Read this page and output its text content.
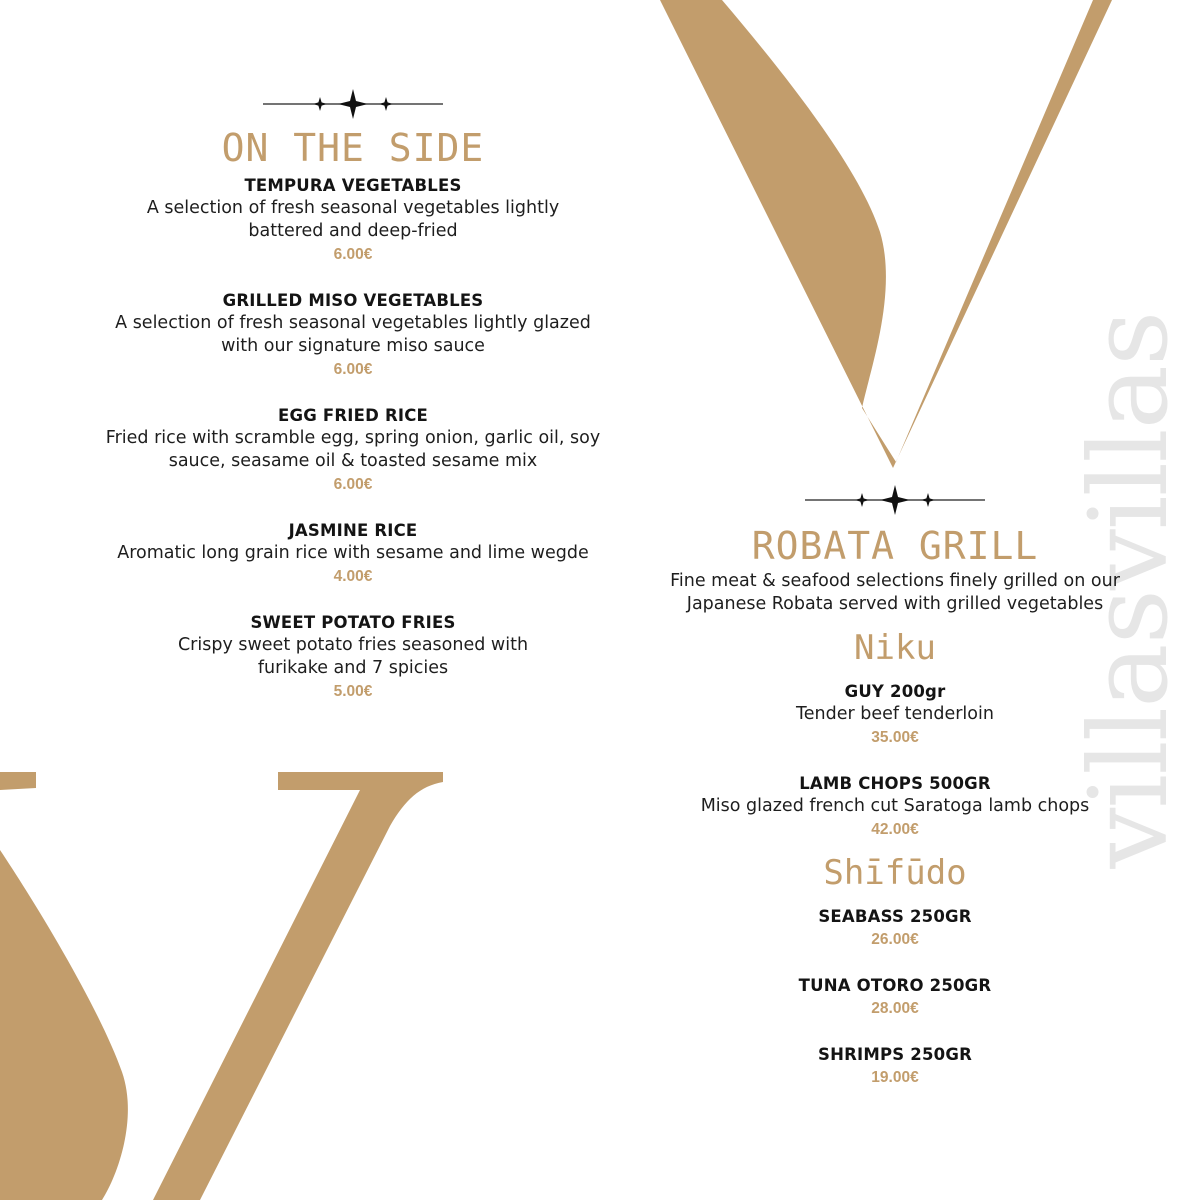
villasvillas
ON THE SIDE
TEMPURA VEGETABLES
A selection of fresh seasonal vegetables lightly battered and deep-fried
6.00€
GRILLED MISO VEGETABLES
A selection of fresh seasonal vegetables lightly glazed with our signature miso sauce
6.00€
EGG FRIED RICE
Fried rice with scramble egg, spring onion, garlic oil, soy sauce, seasame oil & toasted sesame mix
6.00€
JASMINE RICE
Aromatic long grain rice with sesame and lime wegde
4.00€
SWEET POTATO FRIES
Crispy sweet potato fries seasoned with furikake and 7 spicies
5.00€
ROBATA GRILL
Fine meat & seafood selections finely grilled on our Japanese Robata served with grilled vegetables
Niku
GUY 200gr
Tender beef tenderloin
35.00€
LAMB CHOPS 500GR
Miso glazed french cut Saratoga lamb chops
42.00€
Shīfūdo
SEABASS 250GR
26.00€
TUNA OTORO 250GR
28.00€
SHRIMPS 250GR
19.00€
